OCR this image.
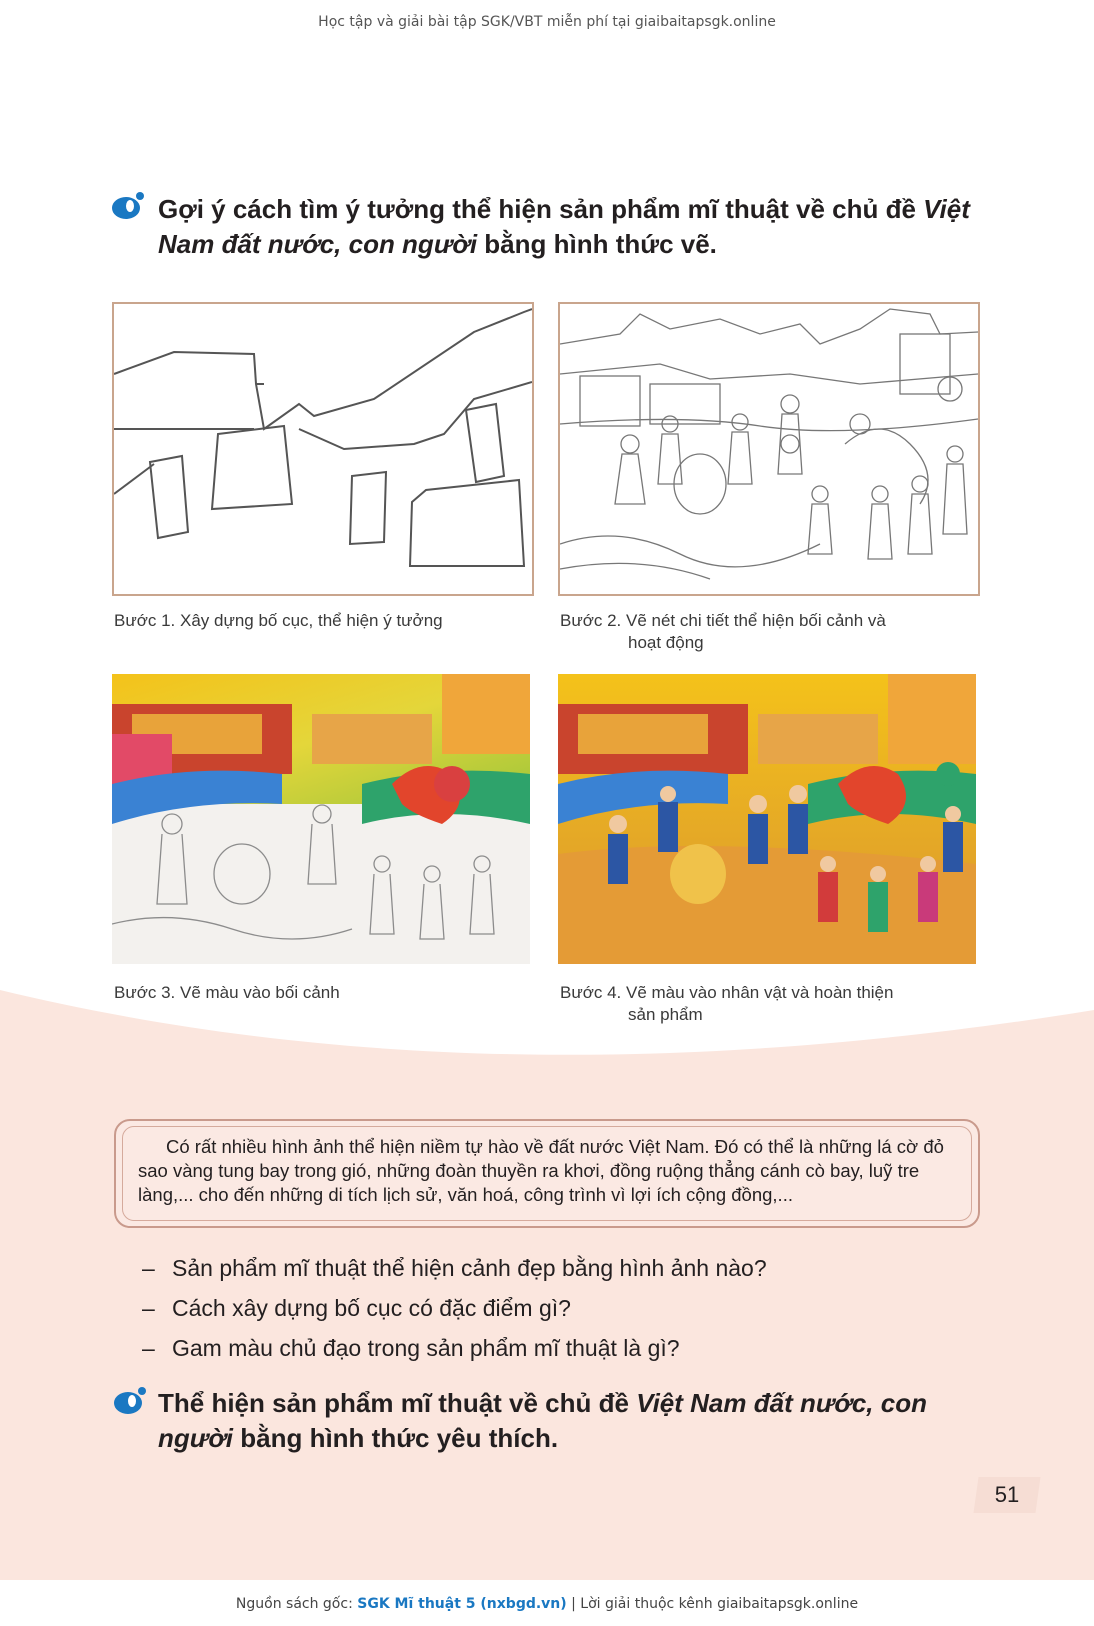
Học tập và giải bài tập SGK/VBT miễn phí tại giaibaitapsgk.online
Gợi ý cách tìm ý tưởng thể hiện sản phẩm mĩ thuật về chủ đề Việt Nam đất nước, con người bằng hình thức vẽ.
Bước 1. Xây dựng bố cục, thể hiện ý tưởng	Bước 2. Vẽ nét chi tiết thể hiện bối cảnh và
hoạt động
Bước 3. Vẽ màu vào bối cảnh	Bước 4. Vẽ màu vào nhân vật và hoàn thiện
sản phẩm
Có rất nhiều hình ảnh thể hiện niềm tự hào về đất nước Việt Nam. Đó có thể là những lá cờ đỏ sao vàng tung bay trong gió, những đoàn thuyền ra khơi, đồng ruộng thẳng cánh cò bay, luỹ tre làng,... cho đến những di tích lịch sử, văn hoá, công trình vì lợi ích cộng đồng,...
– Sản phẩm mĩ thuật thể hiện cảnh đẹp bằng hình ảnh nào?
– Cách xây dựng bố cục có đặc điểm gì?
– Gam màu chủ đạo trong sản phẩm mĩ thuật là gì?
Thể hiện sản phẩm mĩ thuật về chủ đề Việt Nam đất nước, con người bằng hình thức yêu thích.
51
Nguồn sách gốc: SGK Mĩ thuật 5 (nxbgd.vn) | Lời giải thuộc kênh giaibaitapsgk.online
